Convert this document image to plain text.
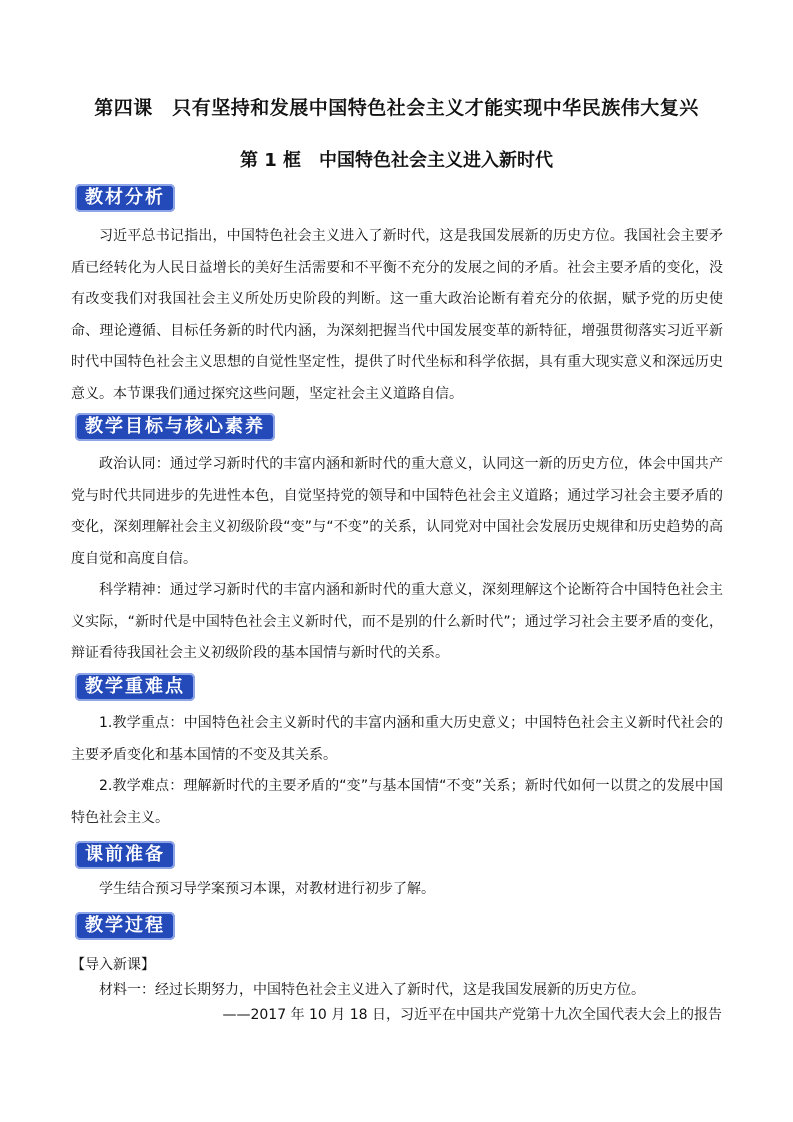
第四课　只有坚持和发展中国特色社会主义才能实现中华民族伟大复兴
第 1 框　中国特色社会主义进入新时代
教材分析

习近平总书记指出，中国特色社会主义进入了新时代，这是我国发展新的历史方位。我国社会主要矛盾已经转化为人民日益增长的美好生活需要和不平衡不充分的发展之间的矛盾。社会主要矛盾的变化，没有改变我们对我国社会主义所处历史阶段的判断。这一重大政治论断有着充分的依据，赋予党的历史使命、理论遵循、目标任务新的时代内涵，为深刻把握当代中国发展变革的新特征，增强贯彻落实习近平新时代中国特色社会主义思想的自觉性坚定性，提供了时代坐标和科学依据，具有重大现实意义和深远历史意义。本节课我们通过探究这些问题，坚定社会主义道路自信。

教学目标与核心素养

政治认同：通过学习新时代的丰富内涵和新时代的重大意义，认同这一新的历史方位，体会中国共产党与时代共同进步的先进性本色，自觉坚持党的领导和中国特色社会主义道路；通过学习社会主要矛盾的变化，深刻理解社会主义初级阶段“变”与“不变”的关系，认同党对中国社会发展历史规律和历史趋势的高度自觉和高度自信。

科学精神：通过学习新时代的丰富内涵和新时代的重大意义，深刻理解这个论断符合中国特色社会主义实际，“新时代是中国特色社会主义新时代，而不是别的什么新时代”；通过学习社会主要矛盾的变化，辩证看待我国社会主义初级阶段的基本国情与新时代的关系。

教学重难点

1.教学重点：中国特色社会主义新时代的丰富内涵和重大历史意义；中国特色社会主义新时代社会的主要矛盾变化和基本国情的不变及其关系。

2.教学难点：理解新时代的主要矛盾的“变”与基本国情“不变”关系；新时代如何一以贯之的发展中国特色社会主义。

课前准备

学生结合预习导学案预习本课，对教材进行初步了解。

教学过程
【导入新课】
材料一：经过长期努力，中国特色社会主义进入了新时代，这是我国发展新的历史方位。
——2017 年 10 月 18 日，习近平在中国共产党第十九次全国代表大会上的报告
